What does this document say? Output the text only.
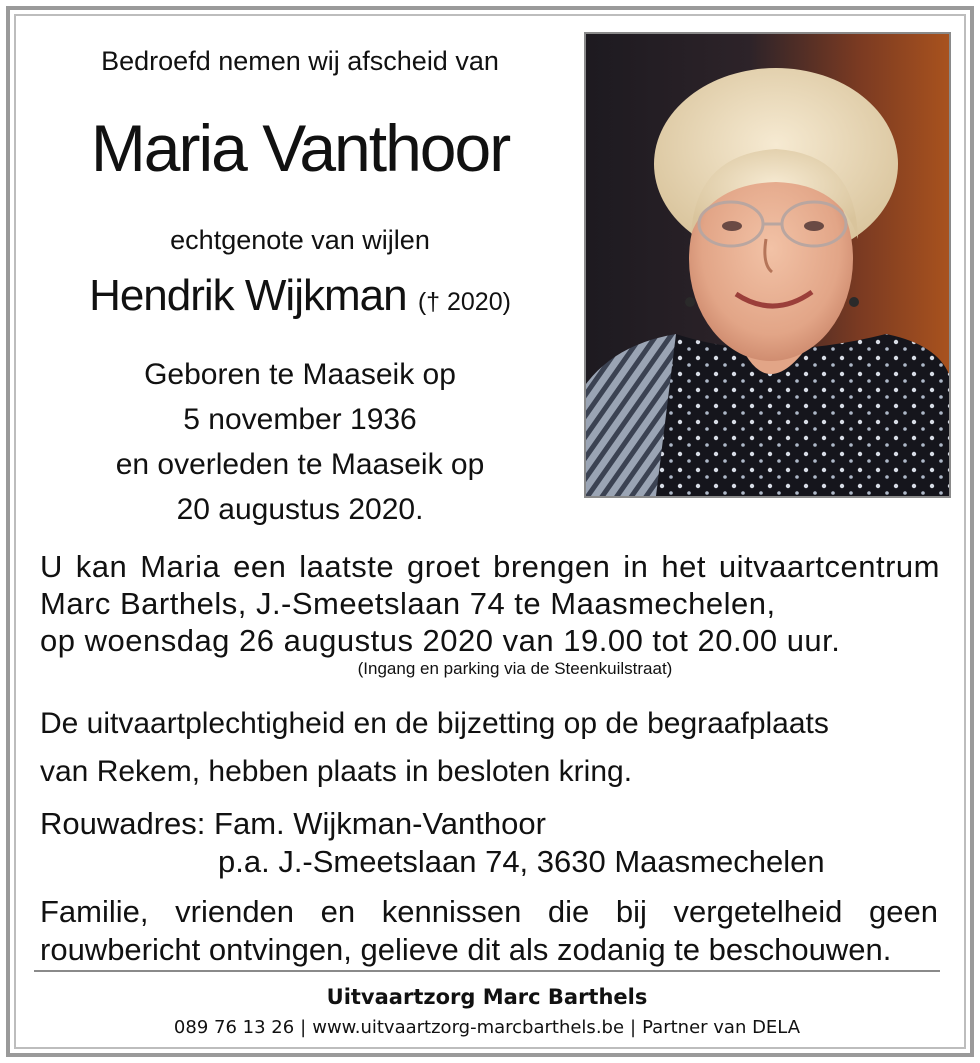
Bedroefd nemen wij afscheid van
Maria Vanthoor
echtgenote van wijlen
Hendrik Wijkman († 2020)
Geboren te Maaseik op
5 november 1936
en overleden te Maaseik op
20 augustus 2020.
U kan Maria een laatste groet brengen in het uitvaartcentrum
Marc Barthels, J.-Smeetslaan 74 te Maasmechelen,
op woensdag 26 augustus 2020 van 19.00 tot 20.00 uur.
(Ingang en parking via de Steenkuilstraat)
De uitvaartplechtigheid en de bijzetting op de begraafplaats
van Rekem, hebben plaats in besloten kring.
Rouwadres: Fam. Wijkman-Vanthoor
p.a. J.-Smeetslaan 74, 3630 Maasmechelen
Familie, vrienden en kennissen die bij vergetelheid geen
rouwbericht ontvingen, gelieve dit als zodanig te beschouwen.
Uitvaartzorg Marc Barthels
089 76 13 26 | www.uitvaartzorg-marcbarthels.be | Partner van DELA
